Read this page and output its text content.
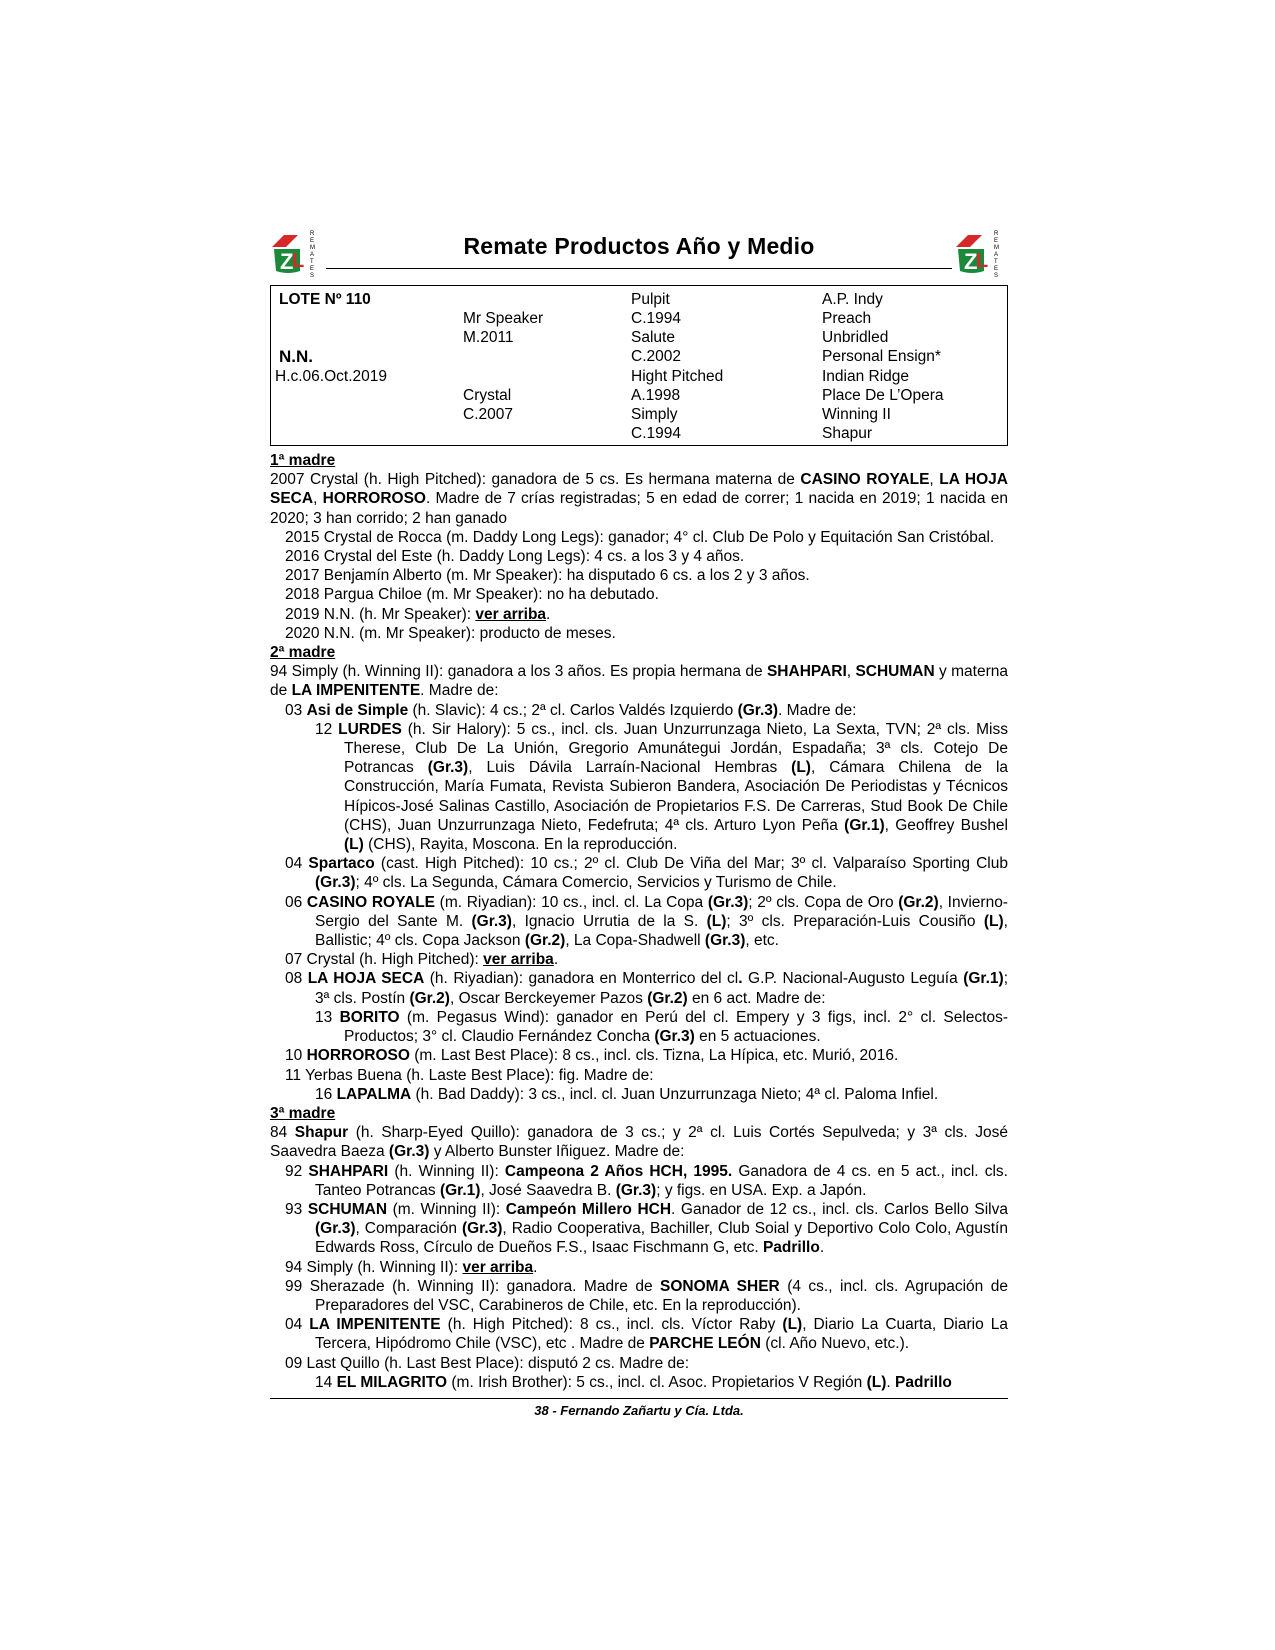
Z
L
R
E
M
A
T
E
S
Remate Productos Año y Medio
Z
L
R
E
M
A
T
E
S
LOTE Nº 110
N.N.
H.c.06.Oct.2019
Mr Speaker
M.2011
Crystal
C.2007
Pulpit
C.1994
Salute
C.2002
Hight Pitched
A.1998
Simply
C.1994
A.P. Indy
Preach
Unbridled
Personal Ensign*
Indian Ridge
Place De L’Opera
Winning II
Shapur

1ª madre

2007 Crystal (h. High Pitched): ganadora de 5 cs. Es hermana materna de CASINO ROYALE, LA HOJA SECA, HORROROSO. Madre de 7 crías registradas; 5 en edad de correr; 1 nacida en 2019; 1 nacida en 2020; 3 han corrido; 2 han ganado

2015 Crystal de Rocca (m. Daddy Long Legs): ganador; 4° cl. Club De Polo y Equitación San Cristóbal.

2016 Crystal del Este (h. Daddy Long Legs): 4 cs. a los 3 y 4 años.

2017 Benjamín Alberto (m. Mr Speaker): ha disputado 6 cs. a los 2 y 3 años.

2018 Pargua Chiloe (m. Mr Speaker): no ha debutado.

2019 N.N. (h. Mr Speaker): ver arriba.

2020 N.N. (m. Mr Speaker): producto de meses.

2ª madre

94 Simply (h. Winning II): ganadora a los 3 años. Es propia hermana de SHAHPARI, SCHUMAN y materna de LA IMPENITENTE. Madre de:

03 Asi de Simple (h. Slavic): 4 cs.; 2ª cl. Carlos Valdés Izquierdo (Gr.3). Madre de:

12 LURDES (h. Sir Halory): 5 cs., incl. cls. Juan Unzurrunzaga Nieto, La Sexta, TVN; 2ª cls. Miss Therese, Club De La Unión, Gregorio Amunátegui Jordán, Espadaña; 3ª cls. Cotejo De Potrancas (Gr.3), Luis Dávila Larraín-Nacional Hembras (L), Cámara Chilena de la Construcción, María Fumata, Revista Subieron Bandera, Asociación De Periodistas y Técnicos Hípicos-José Salinas Castillo, Asociación de Propietarios F.S. De Carreras, Stud Book De Chile (CHS), Juan Unzurrunzaga Nieto, Fedefruta; 4ª cls. Arturo Lyon Peña (Gr.1), Geoffrey Bushel (L) (CHS), Rayita, Moscona. En la reproducción.

04 Spartaco (cast. High Pitched): 10 cs.; 2º cl. Club De Viña del Mar; 3º cl. Valparaíso Sporting Club (Gr.3); 4º cls. La Segunda, Cámara Comercio, Servicios y Turismo de Chile.

06 CASINO ROYALE (m. Riyadian): 10 cs., incl. cl. La Copa (Gr.3); 2º cls. Copa de Oro (Gr.2), Invierno-Sergio del Sante M. (Gr.3), Ignacio Urrutia de la S. (L); 3º cls. Preparación-Luis Cousiño (L), Ballistic; 4º cls. Copa Jackson (Gr.2), La Copa-Shadwell (Gr.3), etc.

07 Crystal (h. High Pitched): ver arriba.

08 LA HOJA SECA (h. Riyadian): ganadora en Monterrico del cl. G.P. Nacional-Augusto Leguía (Gr.1); 3ª cls. Postín (Gr.2), Oscar Berckeyemer Pazos (Gr.2) en 6 act. Madre de:

13 BORITO (m. Pegasus Wind): ganador en Perú del cl. Empery y 3 figs, incl. 2° cl. Selectos-Productos; 3° cl. Claudio Fernández Concha (Gr.3) en 5 actuaciones.

10 HORROROSO (m. Last Best Place): 8 cs., incl. cls. Tizna, La Hípica, etc. Murió, 2016.

11 Yerbas Buena (h. Laste Best Place): fig. Madre de:

16 LAPALMA (h. Bad Daddy): 3 cs., incl. cl. Juan Unzurrunzaga Nieto; 4ª cl. Paloma Infiel.

3ª madre

84 Shapur (h. Sharp-Eyed Quillo): ganadora de 3 cs.; y 2ª cl. Luis Cortés Sepulveda; y 3ª cls. José Saavedra Baeza (Gr.3) y Alberto Bunster Iñiguez. Madre de:

92 SHAHPARI (h. Winning II): Campeona 2 Años HCH, 1995. Ganadora de 4 cs. en 5 act., incl. cls. Tanteo Potrancas (Gr.1), José Saavedra B. (Gr.3); y figs. en USA. Exp. a Japón.

93 SCHUMAN (m. Winning II): Campeón Millero HCH. Ganador de 12 cs., incl. cls. Carlos Bello Silva (Gr.3), Comparación (Gr.3), Radio Cooperativa, Bachiller, Club Soial y Deportivo Colo Colo, Agustín Edwards Ross, Círculo de Dueños F.S., Isaac Fischmann G, etc. Padrillo.

94 Simply (h. Winning II): ver arriba.

99 Sherazade (h. Winning II): ganadora. Madre de SONOMA SHER (4 cs., incl. cls. Agrupación de Preparadores del VSC, Carabineros de Chile, etc. En la reproducción).

04 LA IMPENITENTE (h. High Pitched): 8 cs., incl. cls. Víctor Raby (L), Diario La Cuarta, Diario La Tercera, Hipódromo Chile (VSC), etc . Madre de PARCHE LEÓN (cl. Año Nuevo, etc.).

09 Last Quillo (h. Last Best Place): disputó 2 cs. Madre de:

14 EL MILAGRITO (m. Irish Brother): 5 cs., incl. cl. Asoc. Propietarios V Región (L). Padrillo

38 - Fernando Zañartu y Cía. Ltda.
